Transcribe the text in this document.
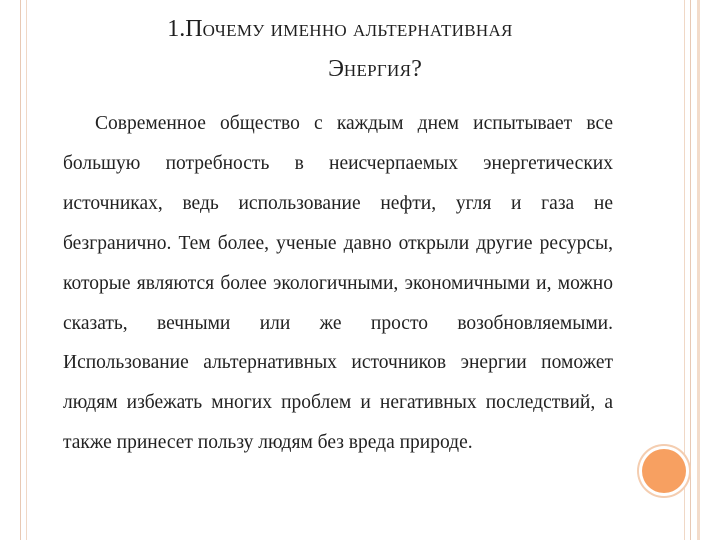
1.ПОЧЕМУ ИМЕННО АЛЬТЕРНАТИВНАЯ
ЭНЕРГИЯ?
Современное общество с каждым днем испытывает все большую потребность в неисчерпаемых энергетических источниках, ведь использование нефти, угля и газа не безгранично. Тем более, ученые давно открыли другие ресурсы, которые являются более экологичными, экономичными и, можно сказать, вечными или же просто возобновляемыми. Использование альтернативных источников энергии поможет людям избежать многих проблем и негативных последствий, а также принесет пользу людям без вреда природе.
